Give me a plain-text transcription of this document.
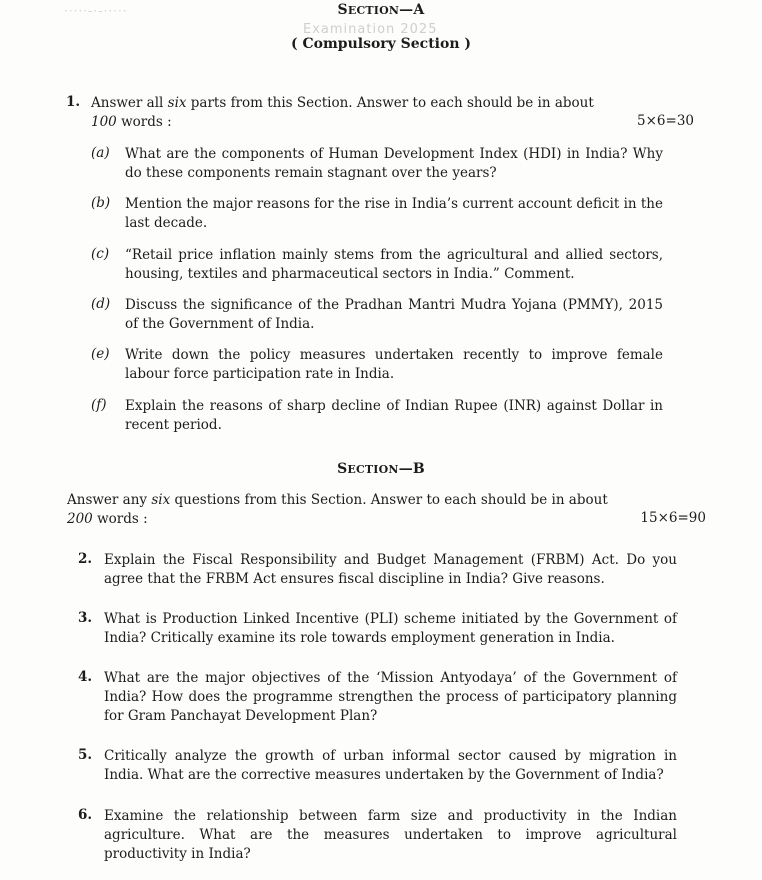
·····-·-·····	SECTION—A
Examination 2025
( Compulsory Section )
1. Answer all six parts from this Section. Answer to each should be in about
100 words :	5×6=30
(a) What are the components of Human Development Index (HDI) in India? Why do these components remain stagnant over the years?
(b) Mention the major reasons for the rise in India’s current account deficit in the last decade.
(c) “Retail price inflation mainly stems from the agricultural and allied sectors, housing, textiles and pharmaceutical sectors in India.” Comment.
(d) Discuss the significance of the Pradhan Mantri Mudra Yojana (PMMY), 2015 of the Government of India.
(e) Write down the policy measures undertaken recently to improve female labour force participation rate in India.
(f) Explain the reasons of sharp decline of Indian Rupee (INR) against Dollar in recent period.
SECTION—B
Answer any six questions from this Section. Answer to each should be in about
200 words :	15×6=90
2. Explain the Fiscal Responsibility and Budget Management (FRBM) Act. Do you agree that the FRBM Act ensures fiscal discipline in India? Give reasons.
3. What is Production Linked Incentive (PLI) scheme initiated by the Government of India? Critically examine its role towards employment generation in India.
4. What are the major objectives of the ‘Mission Antyodaya’ of the Government of India? How does the programme strengthen the process of participatory planning for Gram Panchayat Development Plan?
5. Critically analyze the growth of urban informal sector caused by migration in India. What are the corrective measures undertaken by the Government of India?
6. Examine the relationship between farm size and productivity in the Indian agriculture. What are the measures undertaken to improve agricultural productivity in India?
